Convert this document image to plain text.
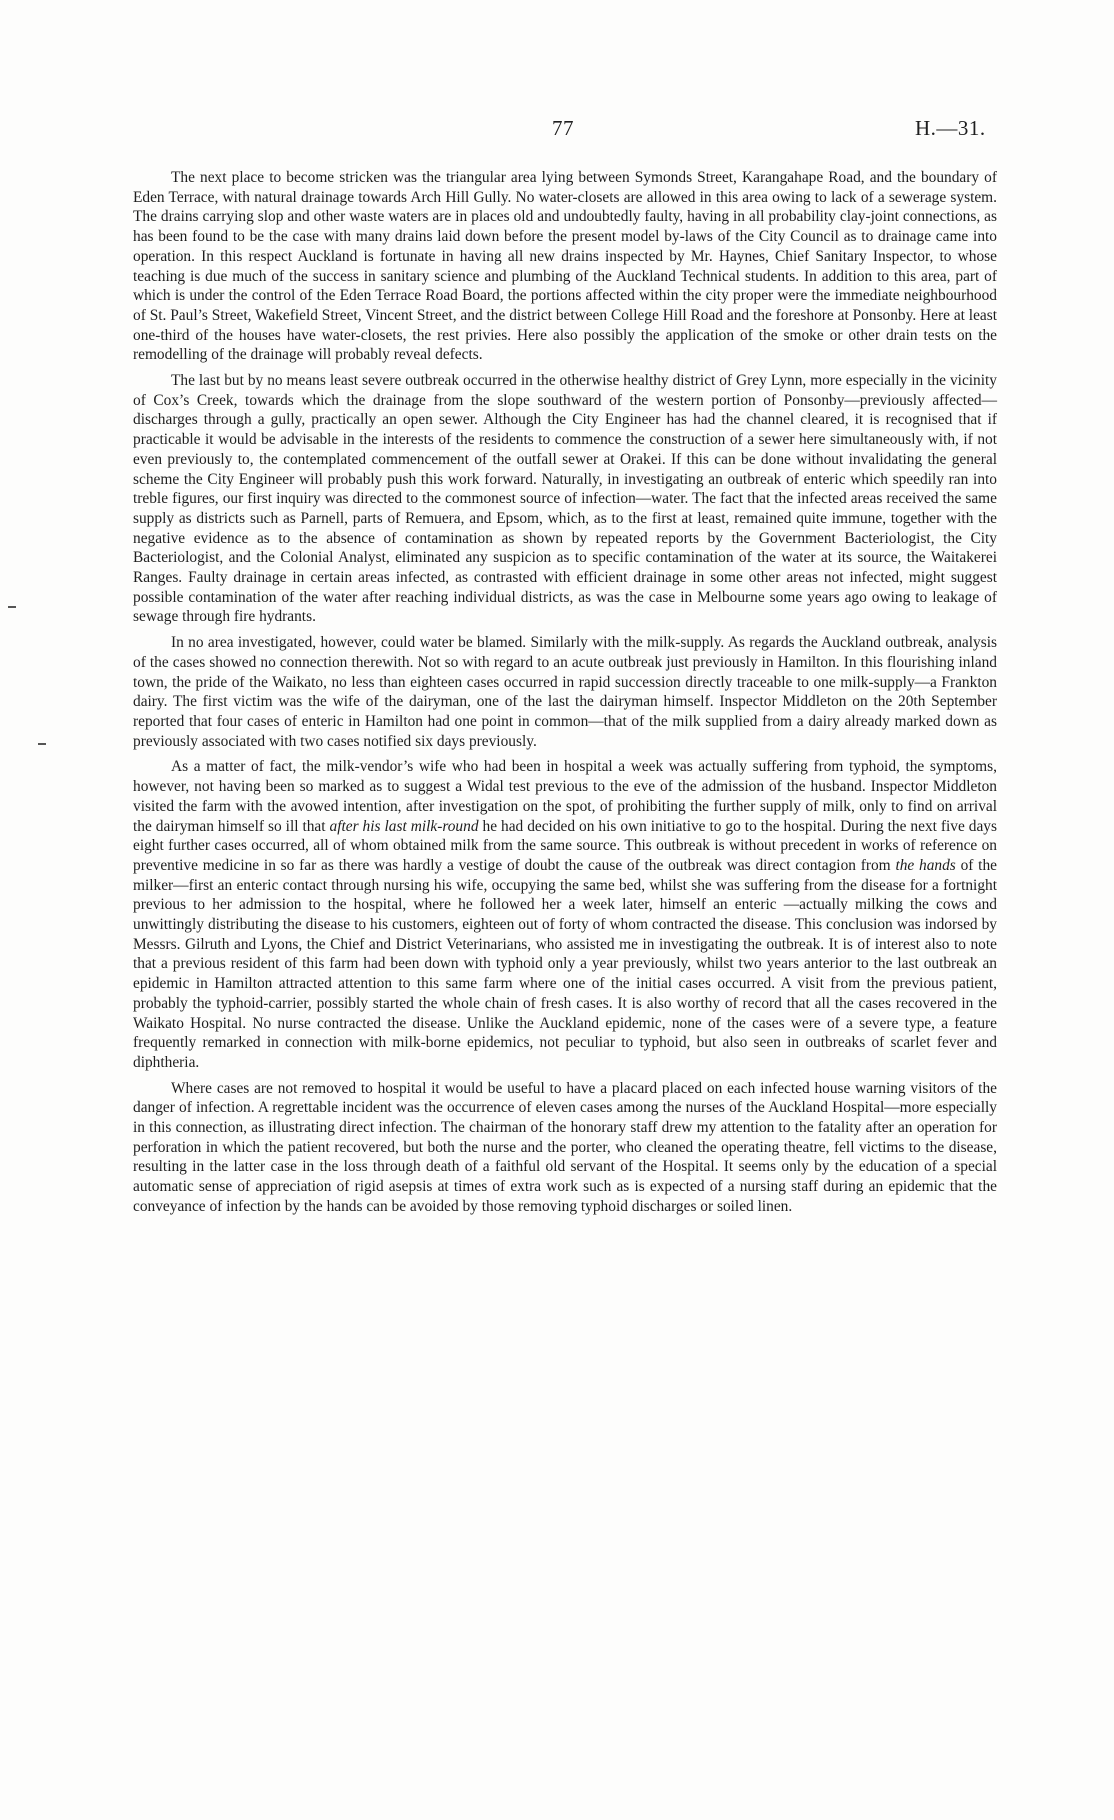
77	H.—31.

The next place to become stricken was the triangular area lying between Symonds Street, Karangahape Road, and the boundary of Eden Terrace, with natural drainage towards Arch Hill Gully. No water-closets are allowed in this area owing to lack of a sewerage system. The drains carrying slop and other waste waters are in places old and undoubtedly faulty, having in all probability clay-joint connections, as has been found to be the case with many drains laid down before the present model by-laws of the City Council as to drainage came into operation. In this respect Auckland is fortunate in having all new drains inspected by Mr. Haynes, Chief Sanitary Inspector, to whose teaching is due much of the success in sanitary science and plumbing of the Auckland Technical students. In addition to this area, part of which is under the control of the Eden Terrace Road Board, the portions affected within the city proper were the immediate neighbourhood of St. Paul’s Street, Wakefield Street, Vincent Street, and the district between College Hill Road and the foreshore at Ponsonby. Here at least one-third of the houses have water-closets, the rest privies. Here also possibly the application of the smoke or other drain tests on the remodelling of the drainage will probably reveal defects.

The last but by no means least severe outbreak occurred in the otherwise healthy district of Grey Lynn, more especially in the vicinity of Cox’s Creek, towards which the drainage from the slope southward of the western portion of Ponsonby—previously affected—discharges through a gully, practically an open sewer. Although the City Engineer has had the channel cleared, it is recognised that if practicable it would be advisable in the interests of the residents to commence the construction of a sewer here simultaneously with, if not even previously to, the contemplated commencement of the outfall sewer at Orakei. If this can be done without invalidating the general scheme the City Engineer will probably push this work forward. Naturally, in investigating an outbreak of enteric which speedily ran into treble figures, our first inquiry was directed to the commonest source of infection—water. The fact that the infected areas received the same supply as districts such as Parnell, parts of Remuera, and Epsom, which, as to the first at least, remained quite immune, together with the negative evidence as to the absence of contamination as shown by repeated reports by the Government Bacteriologist, the City Bacteriologist, and the Colonial Analyst, eliminated any suspicion as to specific contamination of the water at its source, the Waitakerei Ranges. Faulty drainage in certain areas infected, as contrasted with efficient drainage in some other areas not infected, might suggest possible contamination of the water after reaching individual districts, as was the case in Melbourne some years ago owing to leakage of sewage through fire hydrants.

In no area investigated, however, could water be blamed. Similarly with the milk-supply. As regards the Auckland outbreak, analysis of the cases showed no connection therewith. Not so with regard to an acute outbreak just previously in Hamilton. In this flourishing inland town, the pride of the Waikato, no less than eighteen cases occurred in rapid succession directly traceable to one milk-supply—a Frankton dairy. The first victim was the wife of the dairyman, one of the last the dairyman himself. Inspector Middleton on the 20th September reported that four cases of enteric in Hamilton had one point in common—that of the milk supplied from a dairy already marked down as previously associated with two cases notified six days previously.

As a matter of fact, the milk-vendor’s wife who had been in hospital a week was actually suffering from typhoid, the symptoms, however, not having been so marked as to suggest a Widal test previous to the eve of the admission of the husband. Inspector Middleton visited the farm with the avowed intention, after investigation on the spot, of prohibiting the further supply of milk, only to find on arrival the dairyman himself so ill that after his last milk-round he had decided on his own initiative to go to the hospital. During the next five days eight further cases occurred, all of whom obtained milk from the same source. This outbreak is without precedent in works of reference on preventive medicine in so far as there was hardly a vestige of doubt the cause of the outbreak was direct contagion from the hands of the milker—first an enteric contact through nursing his wife, occupying the same bed, whilst she was suffering from the disease for a fortnight previous to her admission to the hospital, where he followed her a week later, himself an enteric —actually milking the cows and unwittingly distributing the disease to his customers, eighteen out of forty of whom contracted the disease. This conclusion was indorsed by Messrs. Gilruth and Lyons, the Chief and District Veterinarians, who assisted me in investigating the outbreak. It is of interest also to note that a previous resident of this farm had been down with typhoid only a year previously, whilst two years anterior to the last outbreak an epidemic in Hamilton attracted attention to this same farm where one of the initial cases occurred. A visit from the previous patient, probably the typhoid-carrier, possibly started the whole chain of fresh cases. It is also worthy of record that all the cases recovered in the Waikato Hospital. No nurse contracted the disease. Unlike the Auckland epidemic, none of the cases were of a severe type, a feature frequently remarked in connection with milk-borne epidemics, not peculiar to typhoid, but also seen in outbreaks of scarlet fever and diphtheria.

Where cases are not removed to hospital it would be useful to have a placard placed on each infected house warning visitors of the danger of infection. A regrettable incident was the occurrence of eleven cases among the nurses of the Auckland Hospital—more especially in this connection, as illustrating direct infection. The chairman of the honorary staff drew my attention to the fatality after an operation for perforation in which the patient recovered, but both the nurse and the porter, who cleaned the operating theatre, fell victims to the disease, resulting in the latter case in the loss through death of a faithful old servant of the Hospital. It seems only by the education of a special automatic sense of appreciation of rigid asepsis at times of extra work such as is expected of a nursing staff during an epidemic that the conveyance of infection by the hands can be avoided by those removing typhoid discharges or soiled linen.
